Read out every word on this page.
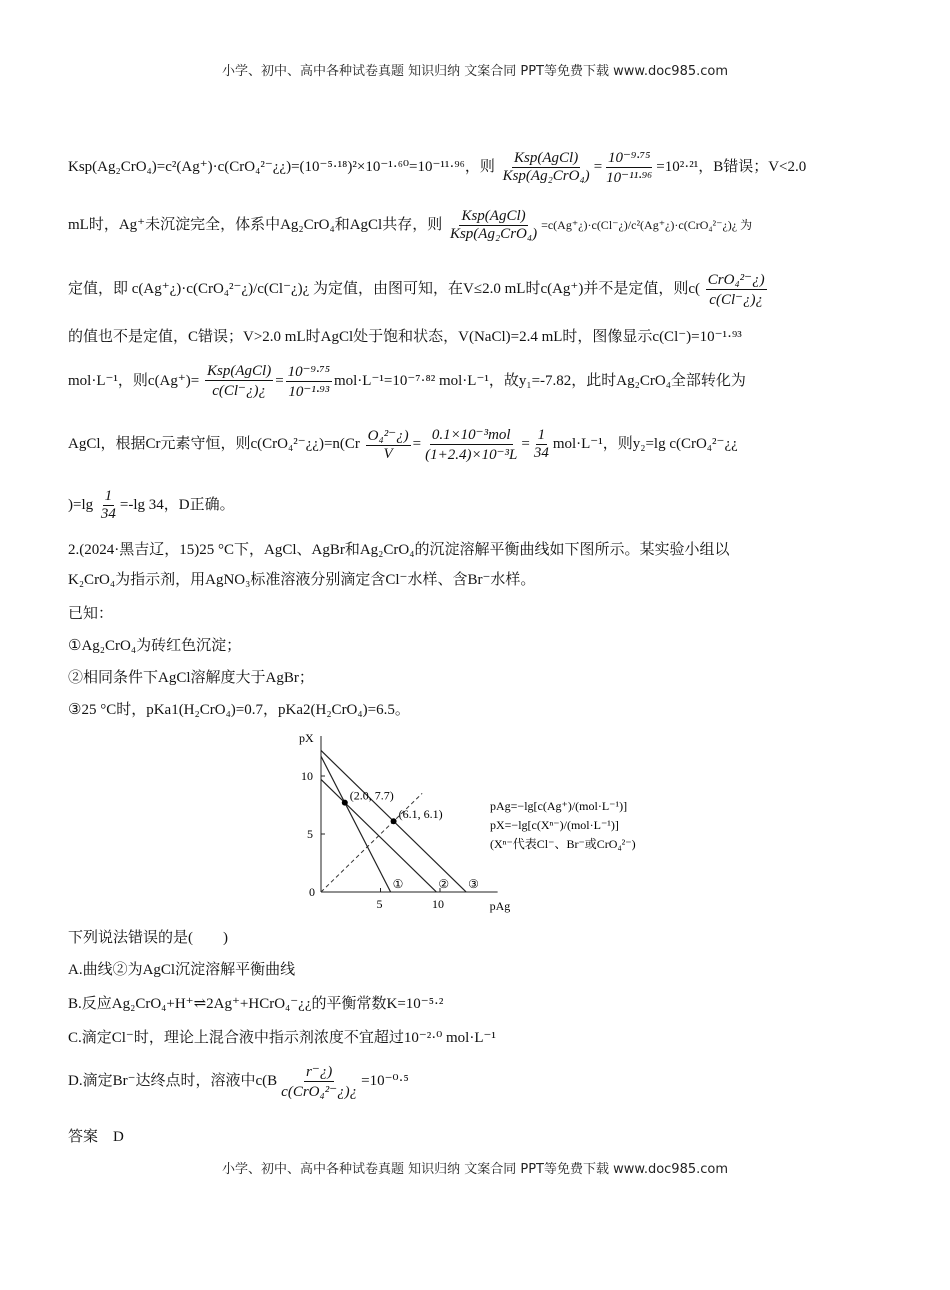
小学、初中、高中各种试卷真题 知识归纳 文案合同 PPT等免费下载 www.doc985.com
Ksp(Ag₂CrO₄)=c²(Ag⁺)·c(CrO₄²⁻¿¿)=(10⁻⁵·¹⁸)²×10⁻¹·⁶⁰=10⁻¹¹·⁹⁶，则
Ksp(AgCl)
Ksp(Ag₂CrO₄)
= $\frac{\text{10⁻⁹·⁷⁵}}{\text{10⁻¹¹·⁹⁶}} =10^2\cdot^{21}$，B错误；V<2.0
mL时，Ag⁺未沉淀完全，体系中Ag₂CrO₄和AgCl共存，则
Ksp(AgCl)
Ksp(Ag₂CrO₄)
=c(Ag⁺¿)·c(Cl⁻¿)/c²(Ag⁺¿)·c(CrO₄²⁻¿)¿ 为
定值，即 c(Ag⁺¿)·c(CrO₄²⁻¿)/c(Cl⁻¿)¿ 为定值，由图可知，在V≤2.0 mL时c(Ag⁺)并不是定值，则c(
CrO₄²⁻¿)
c(Cl⁻¿)¿
的值也不是定值，C错误；V>2.0 mL时AgCl处于饱和状态，V(NaCl)=2.4 mL时，图像显示c(Cl⁻)=10⁻¹·⁹³
mol·L⁻¹，则c(Ag⁺)=
Ksp(AgCl)
c(Cl⁻¿)¿
= $\frac{\text{10⁻⁹·⁷⁵}}{\text{10⁻¹·⁹³}} mol\cdot L^{-1}=10^{-7}\cdot^{82}$ mol·L⁻¹，故y₁=-7.82，此时Ag₂CrO₄全部转化为
AgCl，根据Cr元素守恒，则c(CrO₄²⁻¿¿)=n(Cr $\frac{\text{O₄²⁻¿)}}{V}$ =
0.1×10⁻³mol
(1+2.4)×10⁻³L
= $\frac{1}{34} mol\cdot L^{-1}$，则y₂=lg c(CrO₄²⁻¿¿
)$=\lg \frac{1}{34} =-\lg$ 34，D正确。
2.(2024·黑吉辽，15)25 °C下，AgCl、AgBr和Ag₂CrO₄的沉淀溶解平衡曲线如下图所示。某实验小组以
K₂CrO₄为指示剂，用AgNO₃标准溶液分别滴定含Cl⁻水样、含Br⁻水样。
已知：
①Ag₂CrO₄为砖红色沉淀；
②相同条件下AgCl溶解度大于AgBr；
③25 °C时，pKa1(H₂CrO₄)=0.7，pKa2(H₂CrO₄)=6.5。
pAg
pX
0
5	10
5
10
①	② ③
(2.0, 7.7)
(6.1, 6.1)
pAg=−lg[c(Ag⁺)/(mol·L⁻¹)]
pX=−lg[c(Xⁿ⁻)/(mol·L⁻¹)]
(Xⁿ⁻代表Cl⁻、Br⁻或CrO₄²⁻)
下列说法错误的是(　　)
A.曲线②为AgCl沉淀溶解平衡曲线
B.反应Ag₂CrO₄+H⁺⇌2Ag⁺+HCrO₄⁻¿¿的平衡常数K=10⁻⁵·²
C.滴定Cl⁻时，理论上混合液中指示剂浓度不宜超过10⁻²·⁰ mol·L⁻¹
D.滴定Br⁻达终点时，溶液中c(B
r⁻¿)
c(CrO₄²⁻¿)¿
=10⁻⁰·⁵
答案　D
小学、初中、高中各种试卷真题 知识归纳 文案合同 PPT等免费下载 www.doc985.com
